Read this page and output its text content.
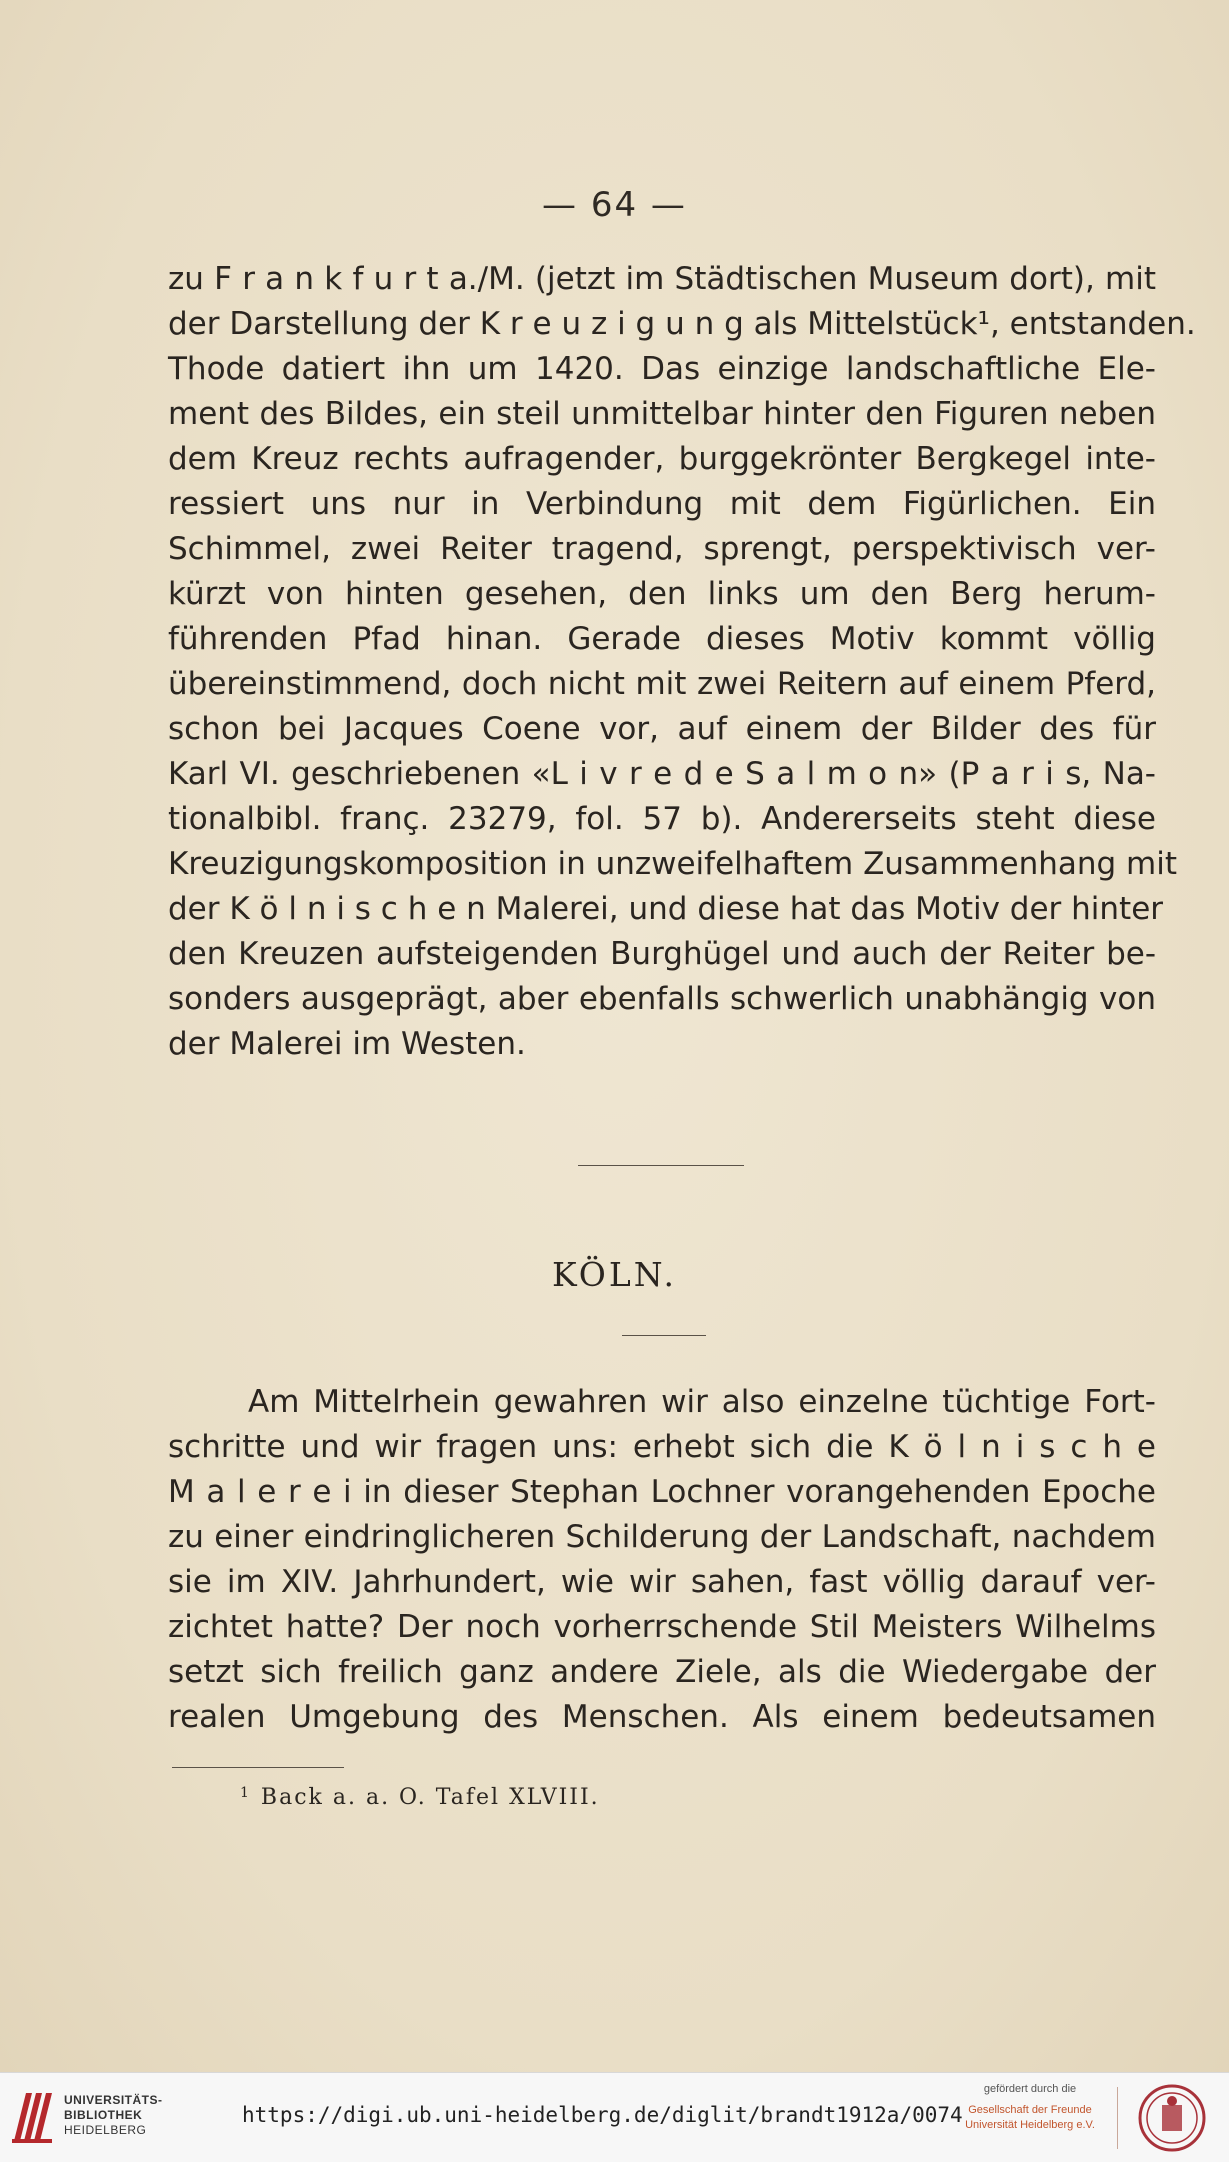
— 64 —
zu F r a n k f u r t a./M. (jetzt im Städtischen Museum dort), mit
der Darstellung der K r e u z i g u n g als Mittelstück¹, entstanden.
Thode datiert ihn um 1420. Das einzige landschaftliche Ele-
ment des Bildes, ein steil unmittelbar hinter den Figuren neben
dem Kreuz rechts aufragender, burggekrönter Bergkegel inte-
ressiert uns nur in Verbindung mit dem Figürlichen. Ein
Schimmel, zwei Reiter tragend, sprengt, perspektivisch ver-
kürzt von hinten gesehen, den links um den Berg herum-
führenden Pfad hinan. Gerade dieses Motiv kommt völlig
übereinstimmend, doch nicht mit zwei Reitern auf einem Pferd,
schon bei Jacques Coene vor, auf einem der Bilder des für
Karl VI. geschriebenen «L i v r e d e S a l m o n» (P a r i s, Na-
tionalbibl. franç. 23279, fol. 57 b). Andererseits steht diese
Kreuzigungskomposition in unzweifelhaftem Zusammenhang mit
der K ö l n i s c h e n Malerei, und diese hat das Motiv der hinter
den Kreuzen aufsteigenden Burghügel und auch der Reiter be-
sonders ausgeprägt, aber ebenfalls schwerlich unabhängig von
der Malerei im Westen.
KÖLN.
Am Mittelrhein gewahren wir also einzelne tüchtige Fort-
schritte und wir fragen uns: erhebt sich die K ö l n i s c h e
M a l e r e i in dieser Stephan Lochner vorangehenden Epoche
zu einer eindringlicheren Schilderung der Landschaft, nachdem
sie im XIV. Jahrhundert, wie wir sahen, fast völlig darauf ver-
zichtet hatte? Der noch vorherrschende Stil Meisters Wilhelms
setzt sich freilich ganz andere Ziele, als die Wiedergabe der
realen Umgebung des Menschen. Als einem bedeutsamen
$^1$ Back a. a. O. Tafel XLVIII.
UNIVERSITÄTS-
BIBLIOTHEK
HEIDELBERG
https://digi.ub.uni-heidelberg.de/diglit/brandt1912a/0074
gefördert durch die
Gesellschaft der Freunde
Universität Heidelberg e.V.
